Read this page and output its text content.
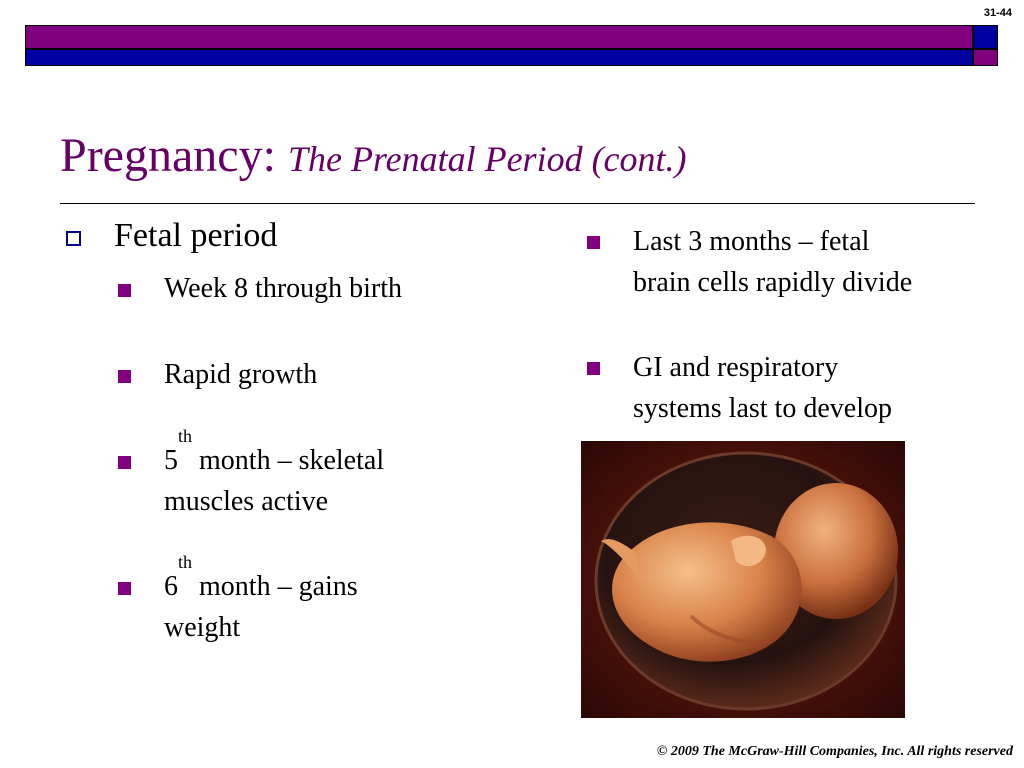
31-44
Pregnancy: The Prenatal Period (cont.)
Fetal period
Week 8 through birth
Rapid growth
5th month – skeletal
muscles active
6th month – gains
weight
Last 3 months – fetal
brain cells rapidly divide
GI and respiratory
systems last to develop
© 2009 The McGraw-Hill Companies, Inc. All rights reserved
